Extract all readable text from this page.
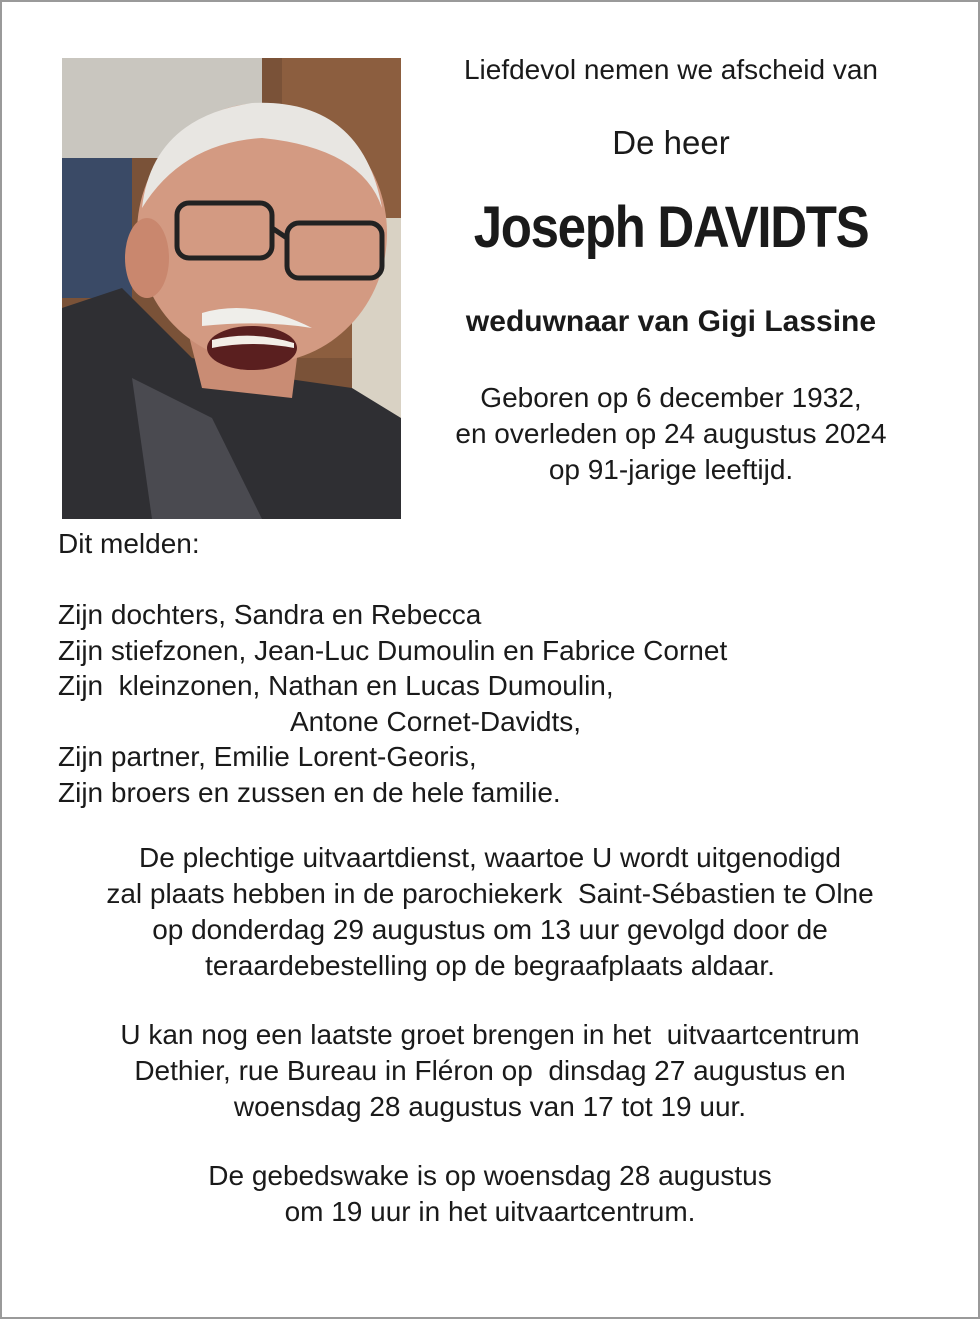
Liefdevol nemen we afscheid van
De heer
Joseph DAVIDTS
weduwnaar van Gigi Lassine
Geboren op 6 december 1932,
en overleden op 24 augustus 2024
op 91-jarige leeftijd.
Dit melden:
Zijn dochters, Sandra en Rebecca
Zijn stiefzonen, Jean-Luc Dumoulin en Fabrice Cornet
Zijn  kleinzonen, Nathan en Lucas Dumoulin,
Antone Cornet-Davidts,
Zijn partner, Emilie Lorent-Georis,
Zijn broers en zussen en de hele familie.
De plechtige uitvaartdienst, waartoe U wordt uitgenodigd
zal plaats hebben in de parochiekerk  Saint-Sébastien te Olne
op donderdag 29 augustus om 13 uur gevolgd door de
teraardebestelling op de begraafplaats aldaar.
U kan nog een laatste groet brengen in het  uitvaartcentrum
Dethier, rue Bureau in Fléron op  dinsdag 27 augustus en
woensdag 28 augustus van 17 tot 19 uur.
De gebedswake is op woensdag 28 augustus
om 19 uur in het uitvaartcentrum.
